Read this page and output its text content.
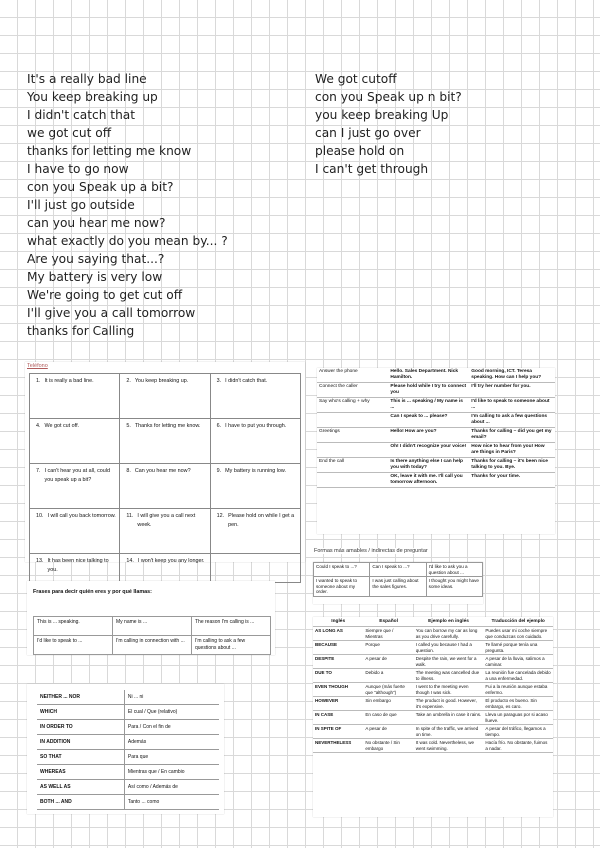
It's a really bad line
You keep breaking up
I didn't catch that
we got cut off
thanks for letting me know
I have to go now
con you Speak up a bit?
I'll just go outside
can you hear me now?
what exactly do you mean by... ?
Are you saying that...?
My battery is very low
We're going to get cut off
I'll give you a call tomorrow
thanks for Calling
We got cutoff
con you Speak up n bit?
you keep breaking Up
can I just go over
please hold on
I can't get through
Teléfono
1. It is really a bad line.	2. You keep breaking up.	3. I didn't catch that.

4. We got cut off.	5. Thanks for letting me know.	6. I have to put you through.

7. I can't hear you at all, could you speak up a bit?	8. Can you hear me now?	9. My battery is running low.

10. I will call you back tomorrow.	11. I will give you a call next week.	12. Please hold on while I get a pen.

13. It has been nice talking to you.	14. I won't keep you any longer.	

Answer the phone	Hello. Sales Department. Nick Hamilton.	Good morning, ICT. Teresa speaking. How can I help you?
Connect the caller	Please hold while I try to connect you	I'll try her number for you.
Say who's calling + why	This is ... speaking / My name is ...	I'd like to speak to someone about ...
	Can I speak to ... please?	I'm calling to ask a few questions about ...
Greetings	Hello! How are you?	Thanks for calling – did you get my email?
	Oh! I didn't recognize your voice!	How nice to hear from you! How are things in Paris?
End the call	Is there anything else I can help you with today?	Thanks for calling – it's been nice talking to you. Bye.
	OK, leave it with me. I'll call you tomorrow afternoon.	Thanks for your time.
Formas más amables / indirectas de preguntar
Could I speak to ...?	Can I speak to ...?	I'd like to ask you a question about ...
I wanted to speak to someone about my order.	I was just calling about the sales figures.	I thought you might have some ideas.
Frases para decir quién eres y por qué llamas:
This is ... speaking.	My name is ...	The reason I'm calling is ...
I'd like to speak to ...	I'm calling in connection with ...	I'm calling to ask a few questions about ...
NEITHER ... NOR	Ni ... ni
WHICH	El cual / Que (relativo)
IN ORDER TO	Para / Con el fin de
IN ADDITION	Además
SO THAT	Para que
WHEREAS	Mientras que / En cambio
AS WELL AS	Así como / Además de
BOTH ... AND	Tanto ... como
Inglés	Español	Ejemplo en inglés	Traducción del ejemplo
AS LONG AS	Siempre que / Mientras	You can borrow my car as long as you drive carefully.	Puedes usar mi coche siempre que conduzcas con cuidado.
BECAUSE	Porque	I called you because I had a question.	Te llamé porque tenía una pregunta.
DESPITE	A pesar de	Despite the rain, we went for a walk.	A pesar de la lluvia, salimos a caminar.
DUE TO	Debido a	The meeting was cancelled due to illness.	La reunión fue cancelada debido a una enfermedad.
EVEN THOUGH	Aunque (más fuerte que "although")	I went to the meeting even though I was sick.	Fui a la reunión aunque estaba enfermo.
HOWEVER	Sin embargo	The product is good. However, it's expensive.	El producto es bueno. Sin embargo, es caro.
IN CASE	En caso de que	Take an umbrella in case it rains.	Lleva un paraguas por si acaso llueve.
IN SPITE OF	A pesar de	In spite of the traffic, we arrived on time.	A pesar del tráfico, llegamos a tiempo.
NEVERTHELESS	No obstante / Sin embargo	It was cold. Nevertheless, we went swimming.	Hacía frío. No obstante, fuimos a nadar.
